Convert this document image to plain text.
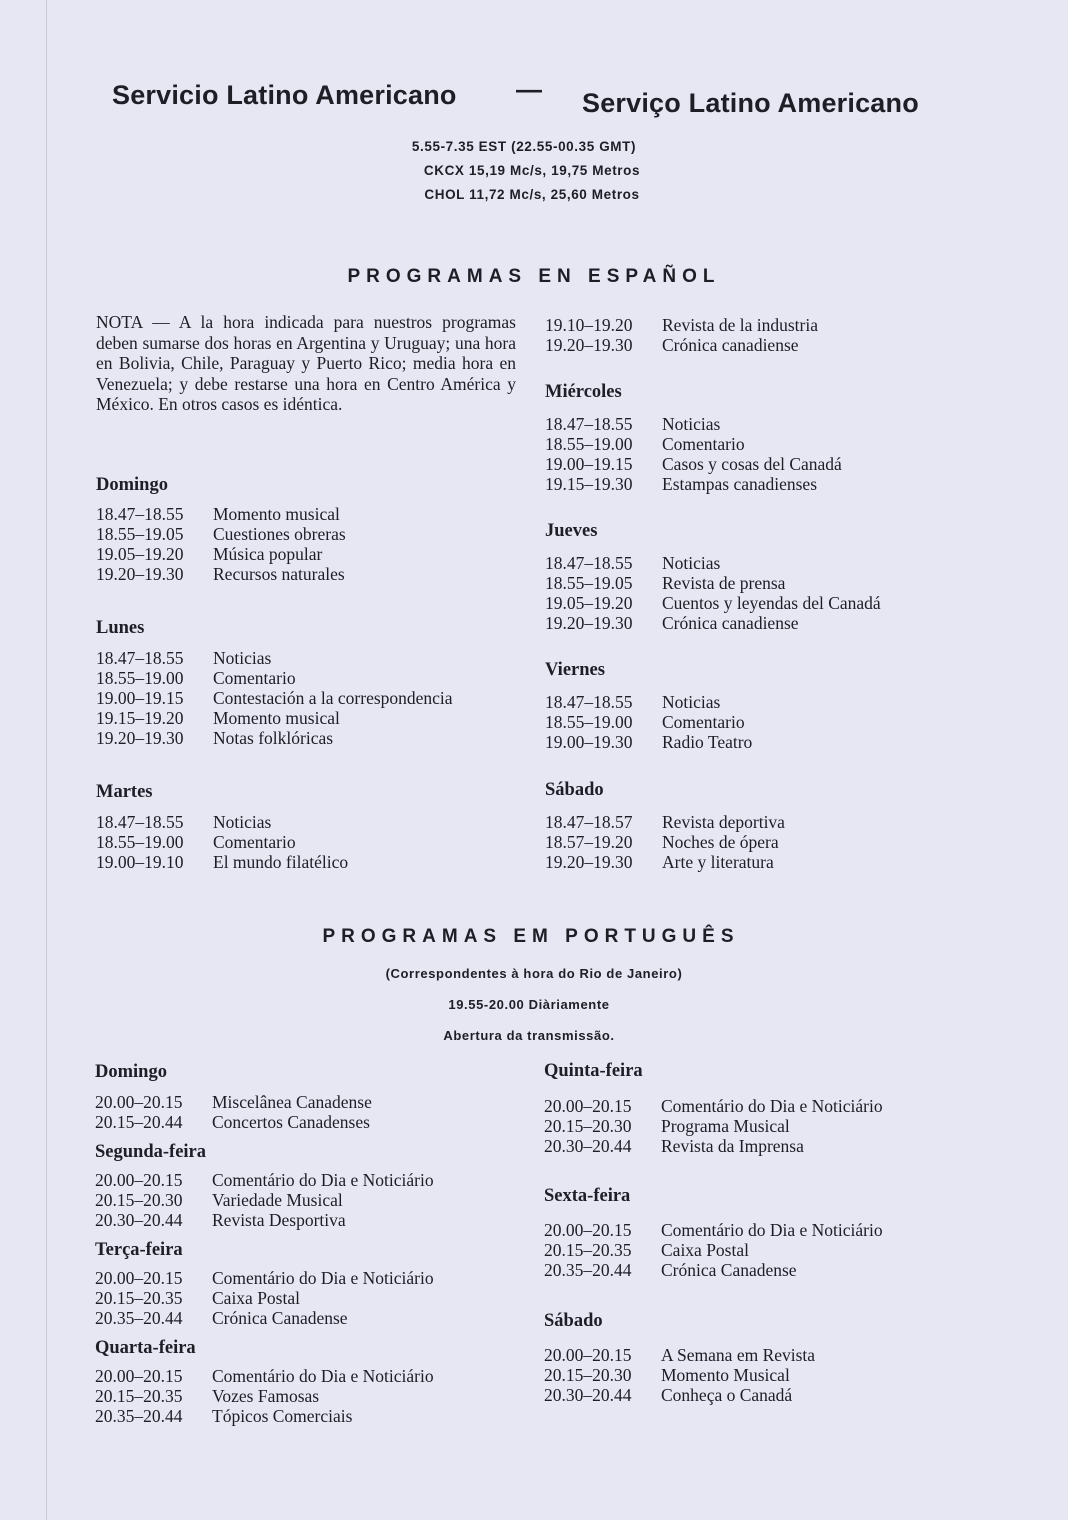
Servicio Latino Americano — Serviço Latino Americano
5.55-7.35 EST (22.55-00.35 GMT)
CKCX 15,19 Mc/s, 19,75 Metros
CHOL 11,72 Mc/s, 25,60 Metros
PROGRAMAS EN ESPAÑOL
NOTA — A la hora indicada para nuestros programas deben sumarse dos horas en Argentina y Uruguay; una hora en Bolivia, Chile, Paraguay y Puerto Rico; media hora en Venezuela; y debe restarse una hora en Centro América y México. En otros casos es idéntica.
Domingo
18.47–18.55 Momento musical
18.55–19.05 Cuestiones obreras
19.05–19.20 Música popular
19.20–19.30 Recursos naturales
Lunes
18.47–18.55 Noticias
18.55–19.00 Comentario
19.00–19.15 Contestación a la correspondencia
19.15–19.20 Momento musical
19.20–19.30 Notas folklóricas
Martes
18.47–18.55 Noticias
18.55–19.00 Comentario
19.00–19.10 El mundo filatélico
19.10–19.20 Revista de la industria
19.20–19.30 Crónica canadiense
Miércoles
18.47–18.55 Noticias
18.55–19.00 Comentario
19.00–19.15 Casos y cosas del Canadá
19.15–19.30 Estampas canadienses
Jueves
18.47–18.55 Noticias
18.55–19.05 Revista de prensa
19.05–19.20 Cuentos y leyendas del Canadá
19.20–19.30 Crónica canadiense
Viernes
18.47–18.55 Noticias
18.55–19.00 Comentario
19.00–19.30 Radio Teatro
Sábado
18.47–18.57 Revista deportiva
18.57–19.20 Noches de ópera
19.20–19.30 Arte y literatura
PROGRAMAS EM PORTUGUÊS
(Correspondentes à hora do Rio de Janeiro)
19.55-20.00 Diàriamente
Abertura da transmissão.
Domingo
20.00–20.15 Miscelânea Canadense
20.15–20.44 Concertos Canadenses
Segunda-feira
20.00–20.15 Comentário do Dia e Noticiário
20.15–20.30 Variedade Musical
20.30–20.44 Revista Desportiva
Terça-feira
20.00–20.15 Comentário do Dia e Noticiário
20.15–20.35 Caixa Postal
20.35–20.44 Crónica Canadense
Quarta-feira
20.00–20.15 Comentário do Dia e Noticiário
20.15–20.35 Vozes Famosas
20.35–20.44 Tópicos Comerciais
Quinta-feira
20.00–20.15 Comentário do Dia e Noticiário
20.15–20.30 Programa Musical
20.30–20.44 Revista da Imprensa
Sexta-feira
20.00–20.15 Comentário do Dia e Noticiário
20.15–20.35 Caixa Postal
20.35–20.44 Crónica Canadense
Sábado
20.00–20.15 A Semana em Revista
20.15–20.30 Momento Musical
20.30–20.44 Conheça o Canadá
